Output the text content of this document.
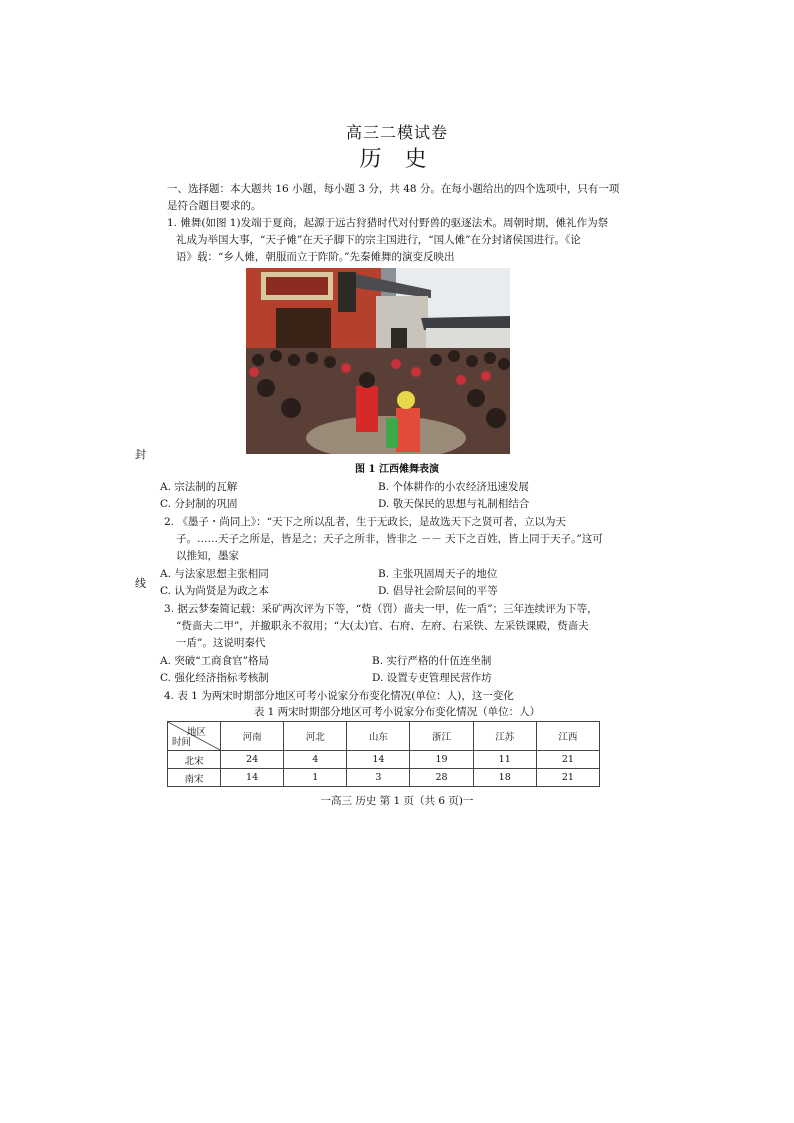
高三二模试卷
历 史
一、选择题：本大题共 16 小题，每小题 3 分，共 48 分。在每小题给出的四个选项中，只有一项
是符合题目要求的。
1. 傩舞(如图 1)发端于夏商，起源于远古狩猎时代对付野兽的驱逐法术。周朝时期，傩礼作为祭
礼成为举国大事，“天子傩”在天子脚下的宗主国进行，“国人傩”在分封诸侯国进行。《论
语》载：“乡人傩，朝服而立于阼阶。”先秦傩舞的演变反映出
图 1 江西傩舞表演
封
线
A. 宗法制的瓦解	B. 个体耕作的小农经济迅速发展
C. 分封制的巩固	D. 敬天保民的思想与礼制相结合
2. 《墨子・尚同上》：“天下之所以乱者，生于无政长，是故选天下之贤可者，立以为天
子。……天子之所是，皆是之；天子之所非，皆非之 －－ 天下之百姓，皆上同于天子。”这可
以推知，墨家
A. 与法家思想主张相同	B. 主张巩固周天子的地位
C. 认为尚贤是为政之本	D. 倡导社会阶层间的平等
3. 据云梦秦简记载：采矿两次评为下等，“赀（罚）啬夫一甲，佐一盾”；三年连续评为下等，
“赀啬夫二甲”，并撤职永不叙用；“大(太)官、右府、左府、右采铁、左采铁课殿，赀啬夫
一盾”。这说明秦代
A. 突破“工商食官”格局	B. 实行严格的什伍连坐制
C. 强化经济指标考核制	D. 设置专吏管理民营作坊
4. 表 1 为两宋时期部分地区可考小说家分布变化情况(单位：人)，这一变化
表 1 两宋时期部分地区可考小说家分布变化情况（单位：人）
地区
时间	河南	河北	山东	浙江	江苏	江西
北宋	24	4	14	19	11	21
南宋	14	1	3	28	18	21
一高三 历史 第 1 页（共 6 页)一
